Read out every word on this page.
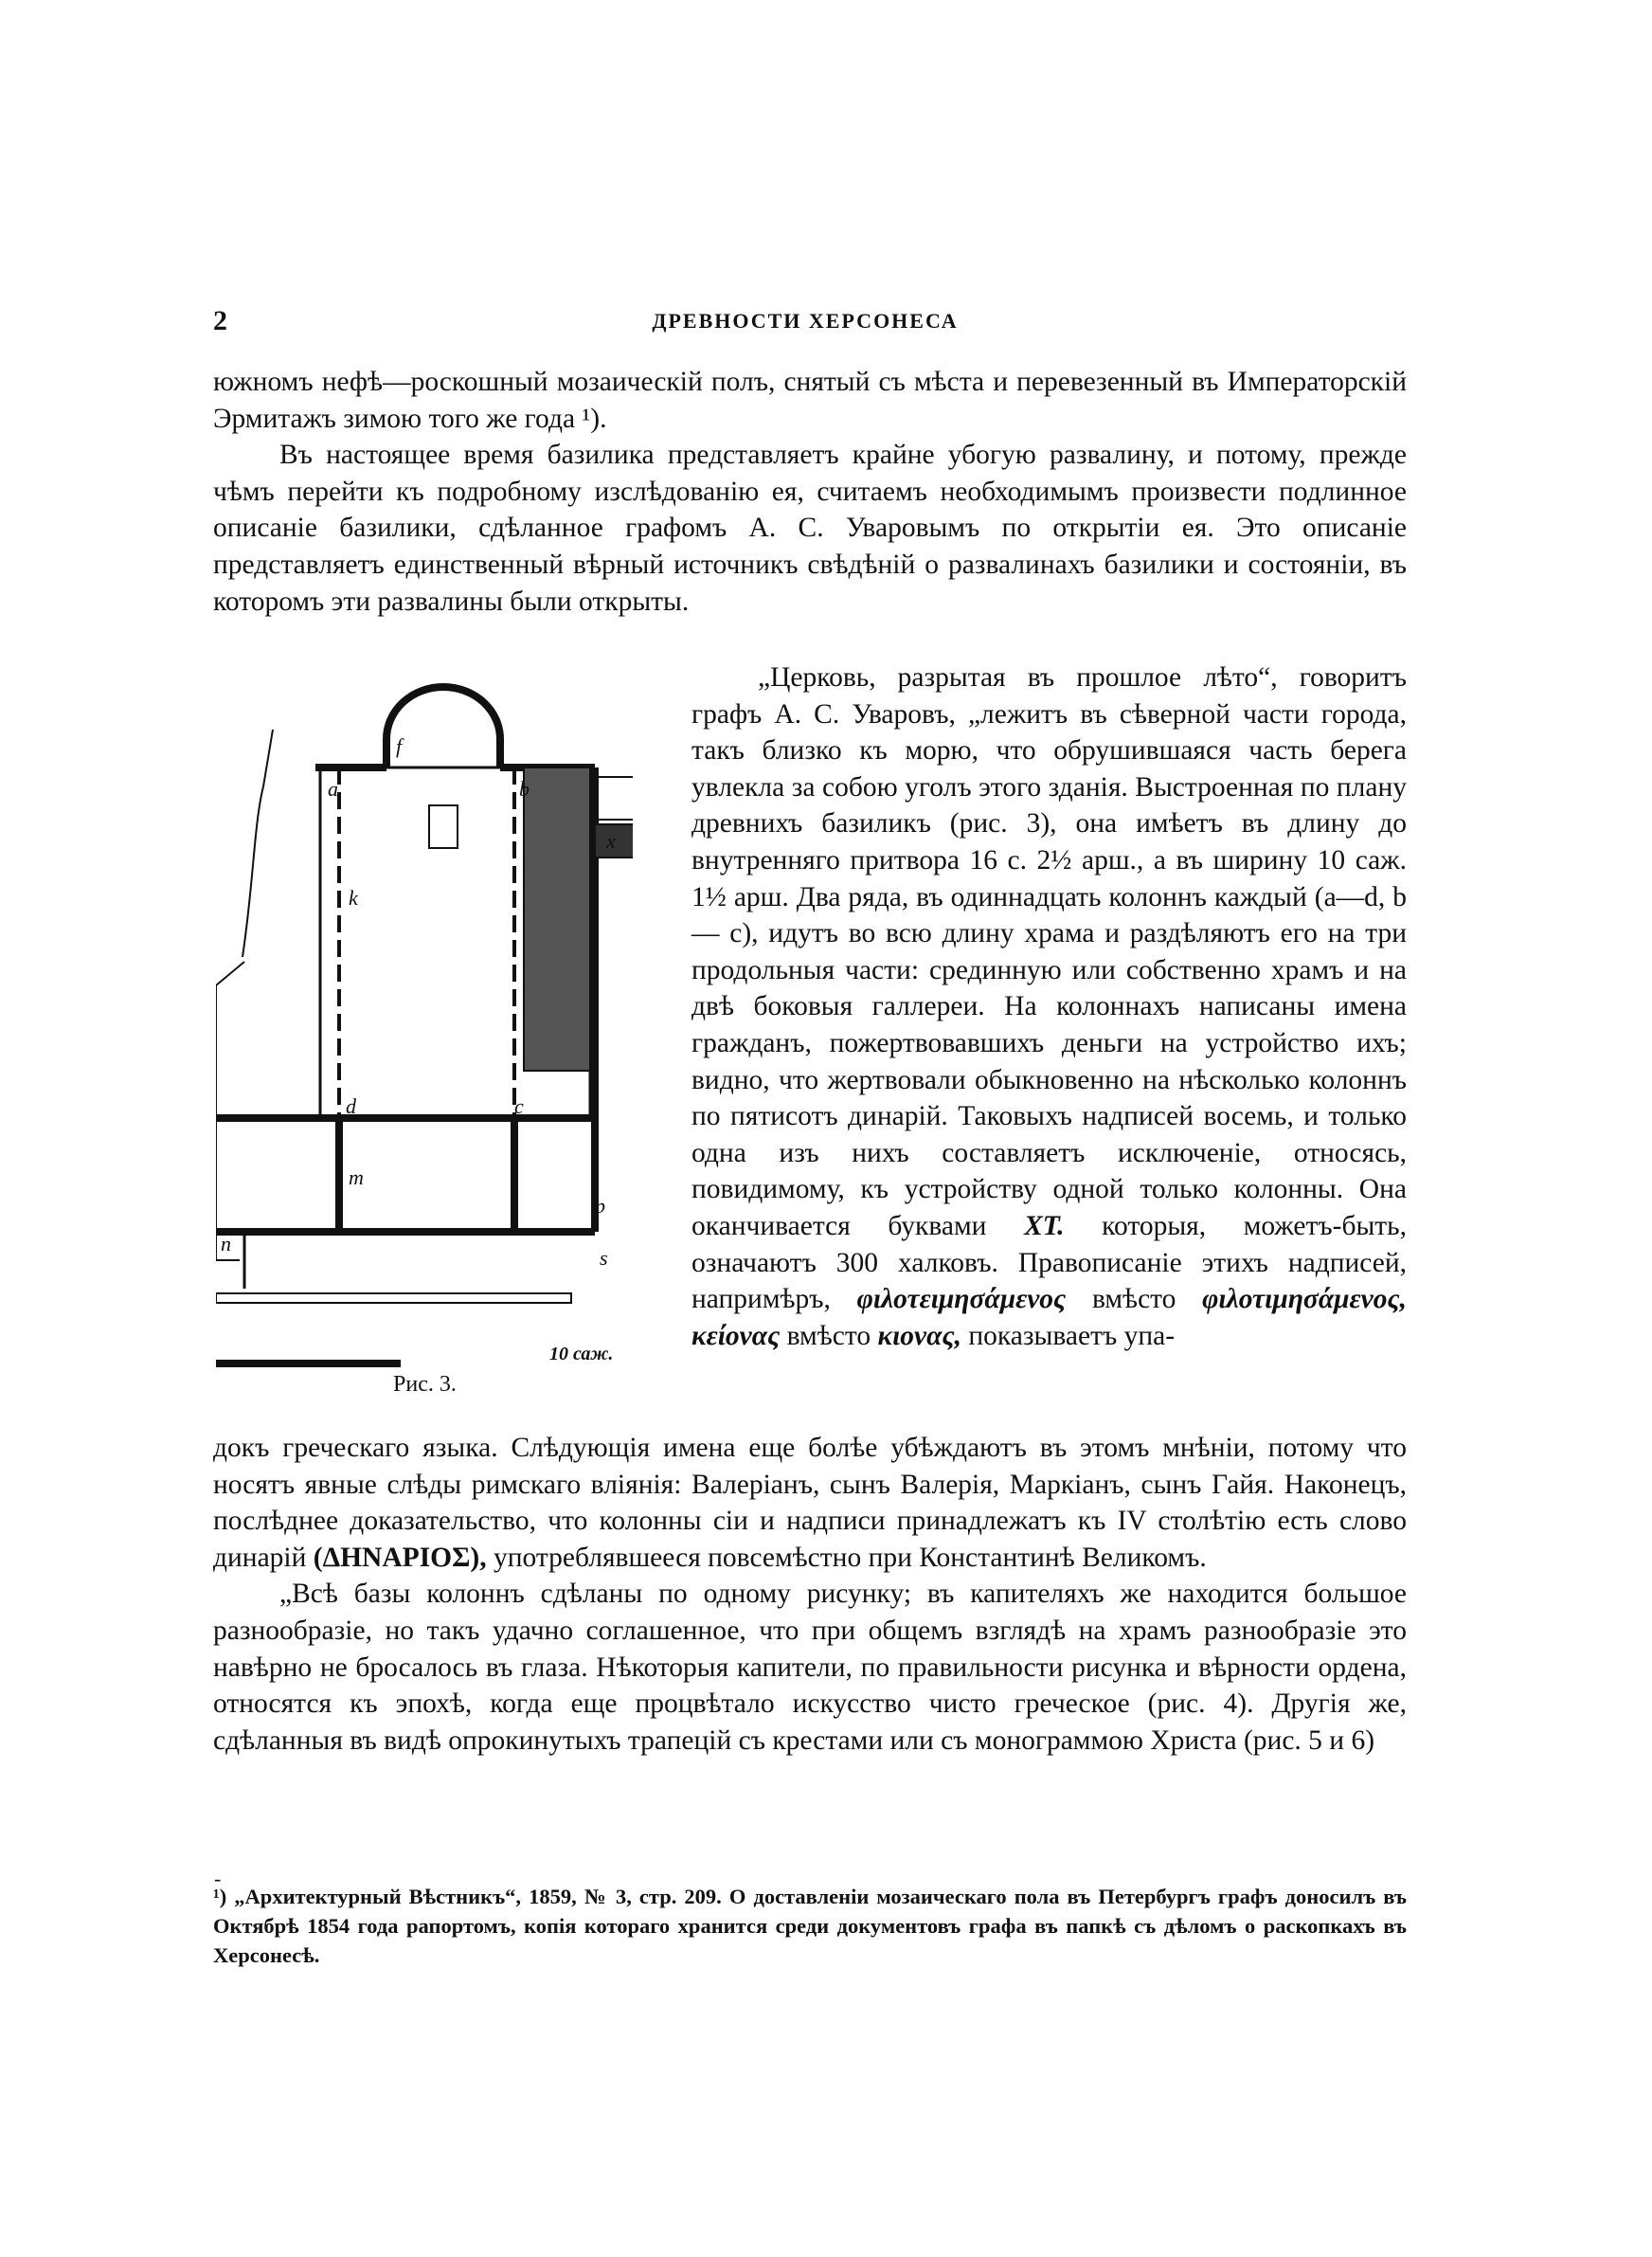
2	ДРЕВНОСТИ ХЕРСОНЕСА

южномъ нефѣ—роскошный мозаическій полъ, снятый съ мѣста и перевезенный въ Императорскій Эрмитажъ зимою того же года ¹).

Въ настоящее время базилика представляетъ крайне убогую развалину, и потому, прежде чѣмъ перейти къ подробному изслѣдованію ея, считаемъ необходимымъ произвести подлинное описаніе базилики, сдѣланное графомъ А. С. Уваровымъ по открытіи ея. Это описаніе представляетъ единственный вѣрный источникъ свѣдѣній о развалинахъ базилики и состояніи, въ которомъ эти развалины были открыты.

f
a	b
c
d
k
m
n
p
s
x
10 саж.
Рис. 3.

„Церковь, разрытая въ прошлое лѣто“, говоритъ графъ А. С. Уваровъ, „лежитъ въ сѣверной части города, такъ близко къ морю, что обрушившаяся часть берега увлекла за собою уголъ этого зданія. Выстроенная по плану древнихъ базиликъ (рис. 3), она имѣетъ въ длину до внутренняго притвора 16 с. 2½ арш., а въ ширину 10 саж. 1½ арш. Два ряда, въ одиннадцать колоннъ каждый (a—d, b — c), идутъ во всю длину храма и раздѣляютъ его на три продольныя части: срединную или собственно храмъ и на двѣ боковыя галлереи. На колоннахъ написаны имена гражданъ, пожертвовавшихъ деньги на устройство ихъ; видно, что жертвовали обыкновенно на нѣсколько колоннъ по пятисотъ динарій. Таковыхъ надписей восемь, и только одна изъ нихъ составляетъ исключеніе, относясь, повидимому, къ устройству одной только колонны. Она оканчивается буквами XT. которыя, можетъ-быть, означаютъ 300 халковъ. Правописаніе этихъ надписей, напримѣръ, φιλοτειμησάμενος вмѣсто φιλοτιμησάμενος, κείονας вмѣсто κιονας, показываетъ упа-

докъ греческаго языка. Слѣдующія имена еще болѣе убѣждаютъ въ этомъ мнѣніи, потому что носятъ явные слѣды римскаго вліянія: Валеріанъ, сынъ Валерія, Маркіанъ, сынъ Гайя. Наконецъ, послѣднее доказательство, что колонны сіи и надписи принадлежатъ къ IV столѣтію есть слово динарій (ΔΗΝΑΡΙΟΣ), употреблявшееся повсемѣстно при Константинѣ Великомъ.

„Всѣ базы колоннъ сдѣланы по одному рисунку; въ капителяхъ же находится большое разнообразіе, но такъ удачно соглашенное, что при общемъ взглядѣ на храмъ разнообразіе это навѣрно не бросалось въ глаза. Нѣкоторыя капители, по правильности рисунка и вѣрности ордена, относятся къ эпохѣ, когда еще процвѣтало искусство чисто греческое (рис. 4). Другія же, сдѣланныя въ видѣ опрокинутыхъ трапецій съ крестами или съ монограммою Христа (рис. 5 и 6)

-
¹) „Архитектурный Вѣстникъ“, 1859, № 3, стр. 209. О доставленіи мозаическаго пола въ Петербургъ графъ доносилъ въ Октябрѣ 1854 года рапортомъ, копія котораго хранится среди документовъ графа въ папкѣ съ дѣломъ о раскопкахъ въ Херсонесѣ.
